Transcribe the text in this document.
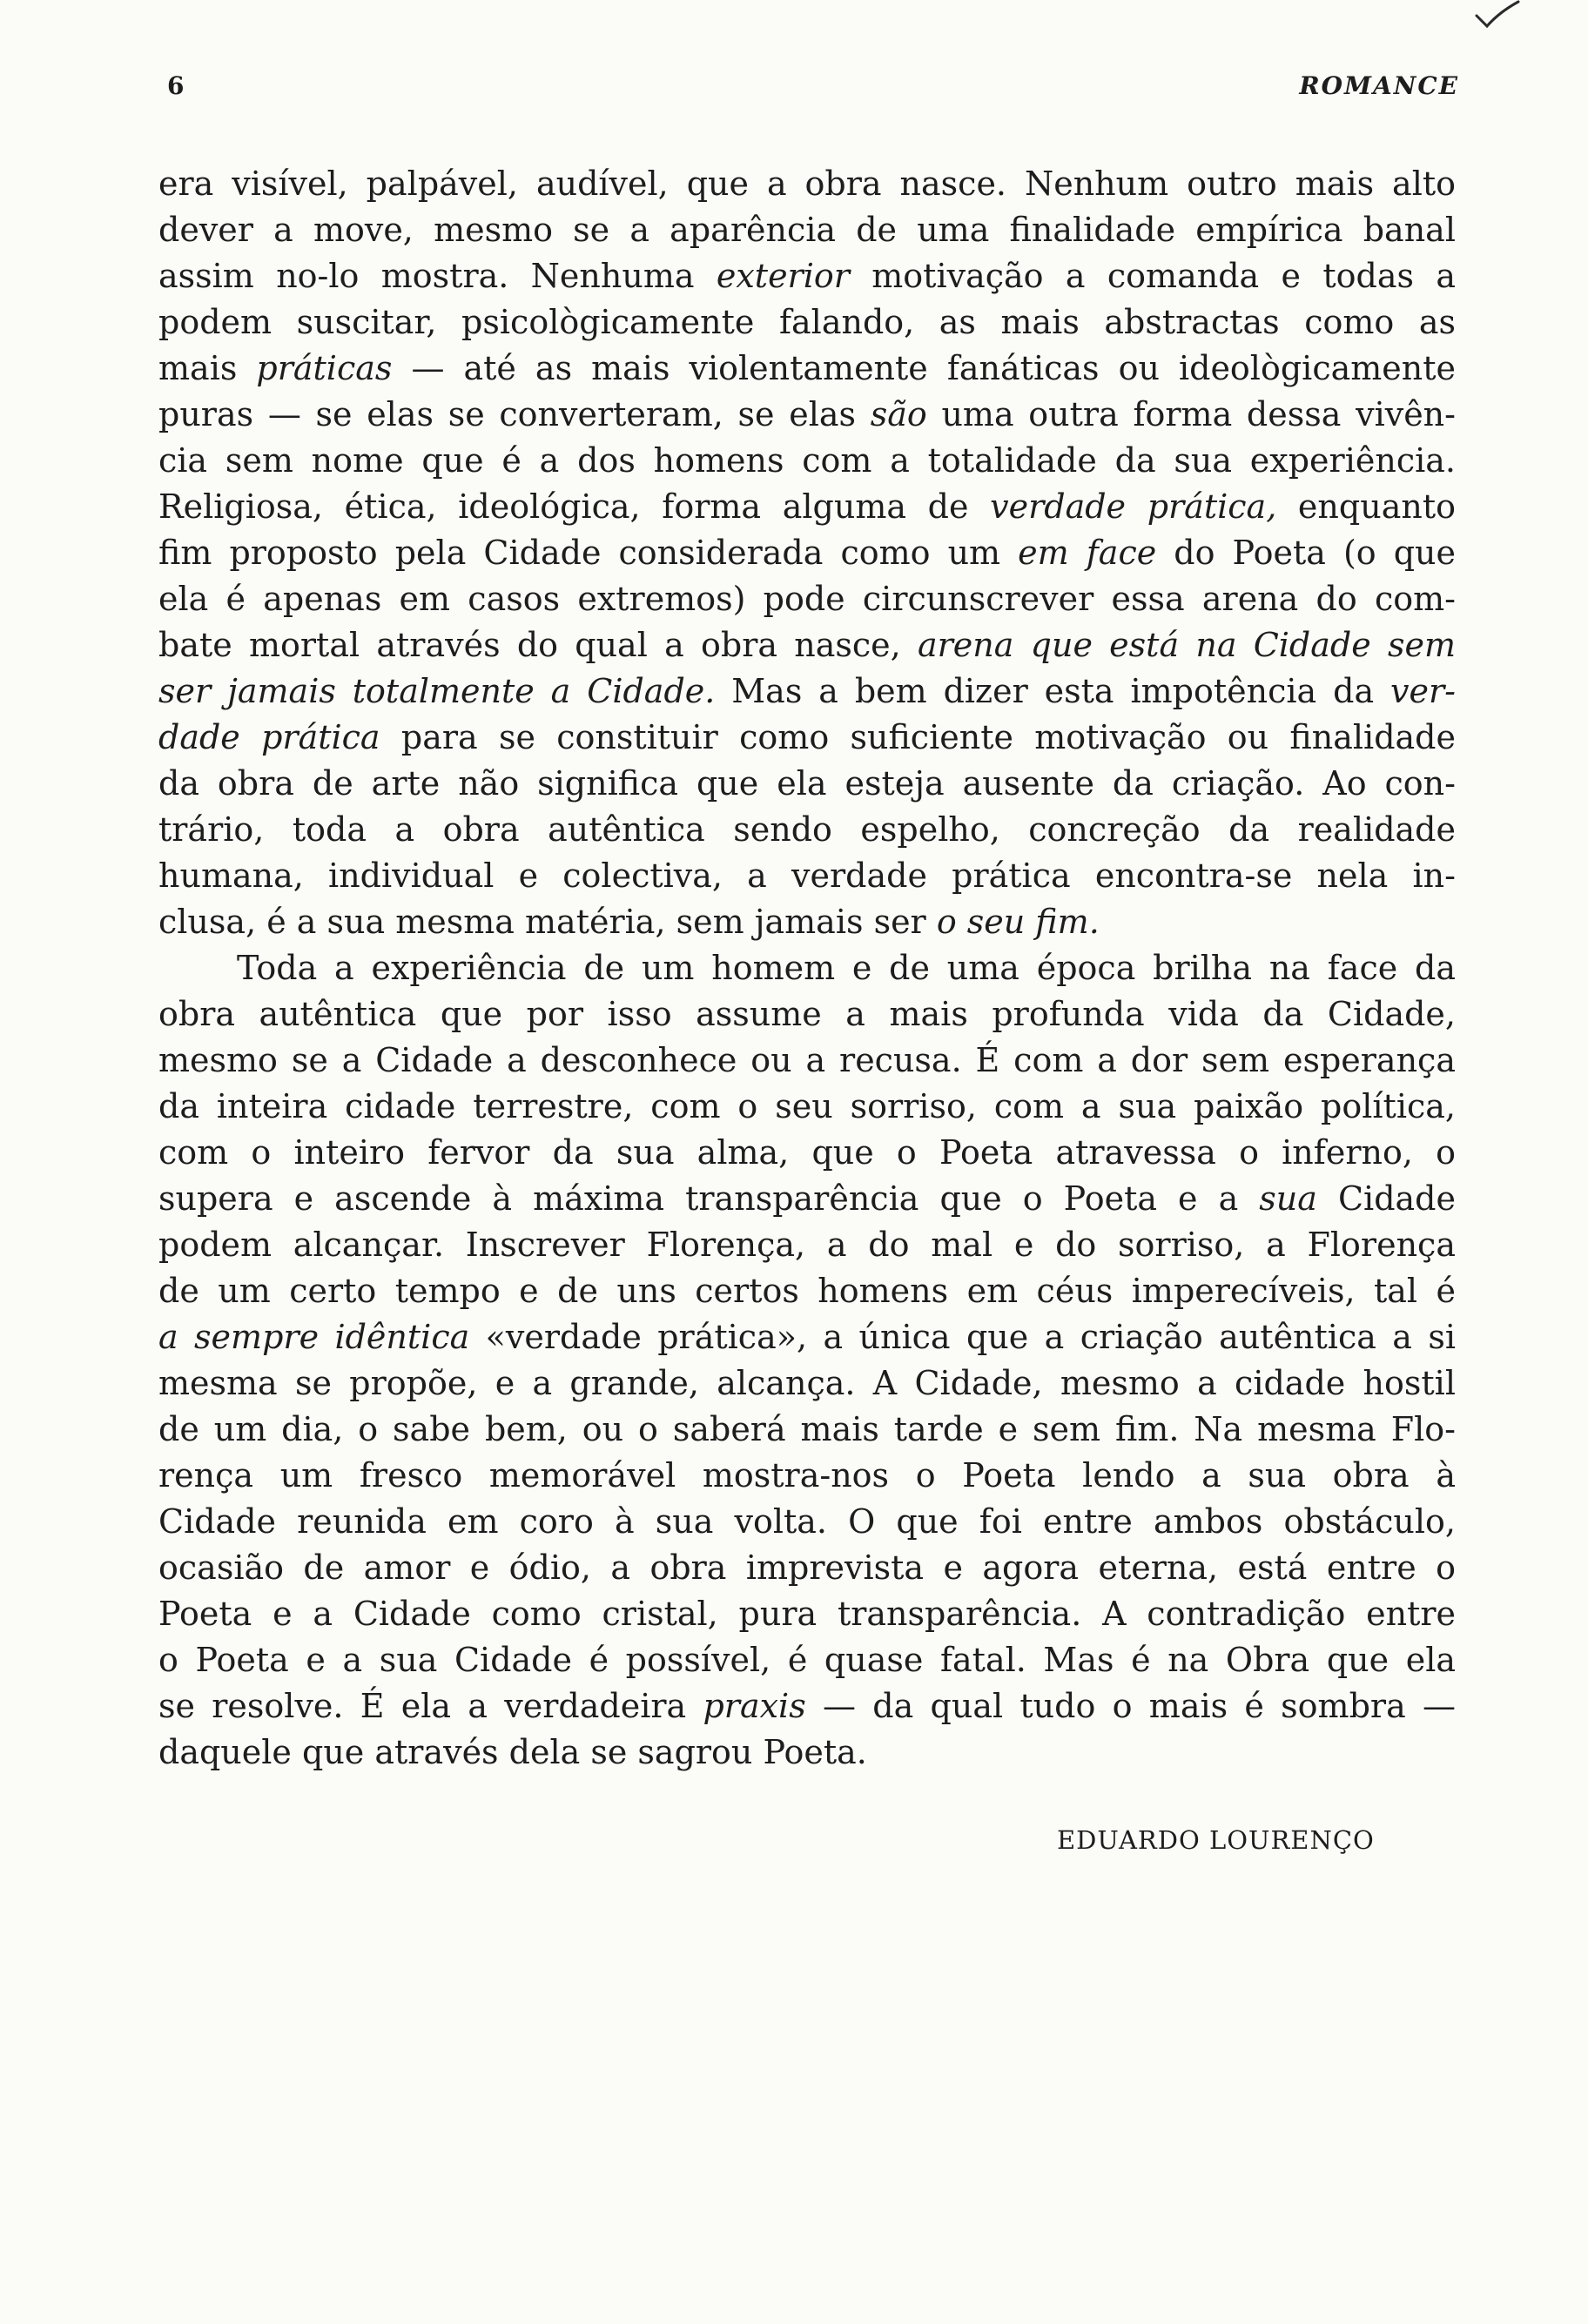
6	ROMANCE
era visível, palpável, audível, que a obra nasce. Nenhum outro mais alto
dever a move, mesmo se a aparência de uma finalidade empírica banal
assim no-lo mostra. Nenhuma exterior motivação a comanda e todas a
podem suscitar, psicològicamente falando, as mais abstractas como as
mais práticas — até as mais violentamente fanáticas ou ideològicamente
puras — se elas se converteram, se elas são uma outra forma dessa vivên-
cia sem nome que é a dos homens com a totalidade da sua experiência.
Religiosa, ética, ideológica, forma alguma de verdade prática, enquanto
fim proposto pela Cidade considerada como um em face do Poeta (o que
ela é apenas em casos extremos) pode circunscrever essa arena do com-
bate mortal através do qual a obra nasce, arena que está na Cidade sem
ser jamais totalmente a Cidade. Mas a bem dizer esta impotência da ver-
dade prática para se constituir como suficiente motivação ou finalidade
da obra de arte não significa que ela esteja ausente da criação. Ao con-
trário, toda a obra autêntica sendo espelho, concreção da realidade
humana, individual e colectiva, a verdade prática encontra-se nela in-
clusa, é a sua mesma matéria, sem jamais ser o seu fim.
Toda a experiência de um homem e de uma época brilha na face da
obra autêntica que por isso assume a mais profunda vida da Cidade,
mesmo se a Cidade a desconhece ou a recusa. É com a dor sem esperança
da inteira cidade terrestre, com o seu sorriso, com a sua paixão política,
com o inteiro fervor da sua alma, que o Poeta atravessa o inferno, o
supera e ascende à máxima transparência que o Poeta e a sua Cidade
podem alcançar. Inscrever Florença, a do mal e do sorriso, a Florença
de um certo tempo e de uns certos homens em céus imperecíveis, tal é
a sempre idêntica «verdade prática», a única que a criação autêntica a si
mesma se propõe, e a grande, alcança. A Cidade, mesmo a cidade hostil
de um dia, o sabe bem, ou o saberá mais tarde e sem fim. Na mesma Flo-
rença um fresco memorável mostra-nos o Poeta lendo a sua obra à
Cidade reunida em coro à sua volta. O que foi entre ambos obstáculo,
ocasião de amor e ódio, a obra imprevista e agora eterna, está entre o
Poeta e a Cidade como cristal, pura transparência. A contradição entre
o Poeta e a sua Cidade é possível, é quase fatal. Mas é na Obra que ela
se resolve. É ela a verdadeira praxis — da qual tudo o mais é sombra —
daquele que através dela se sagrou Poeta.
EDUARDO LOURENÇO
